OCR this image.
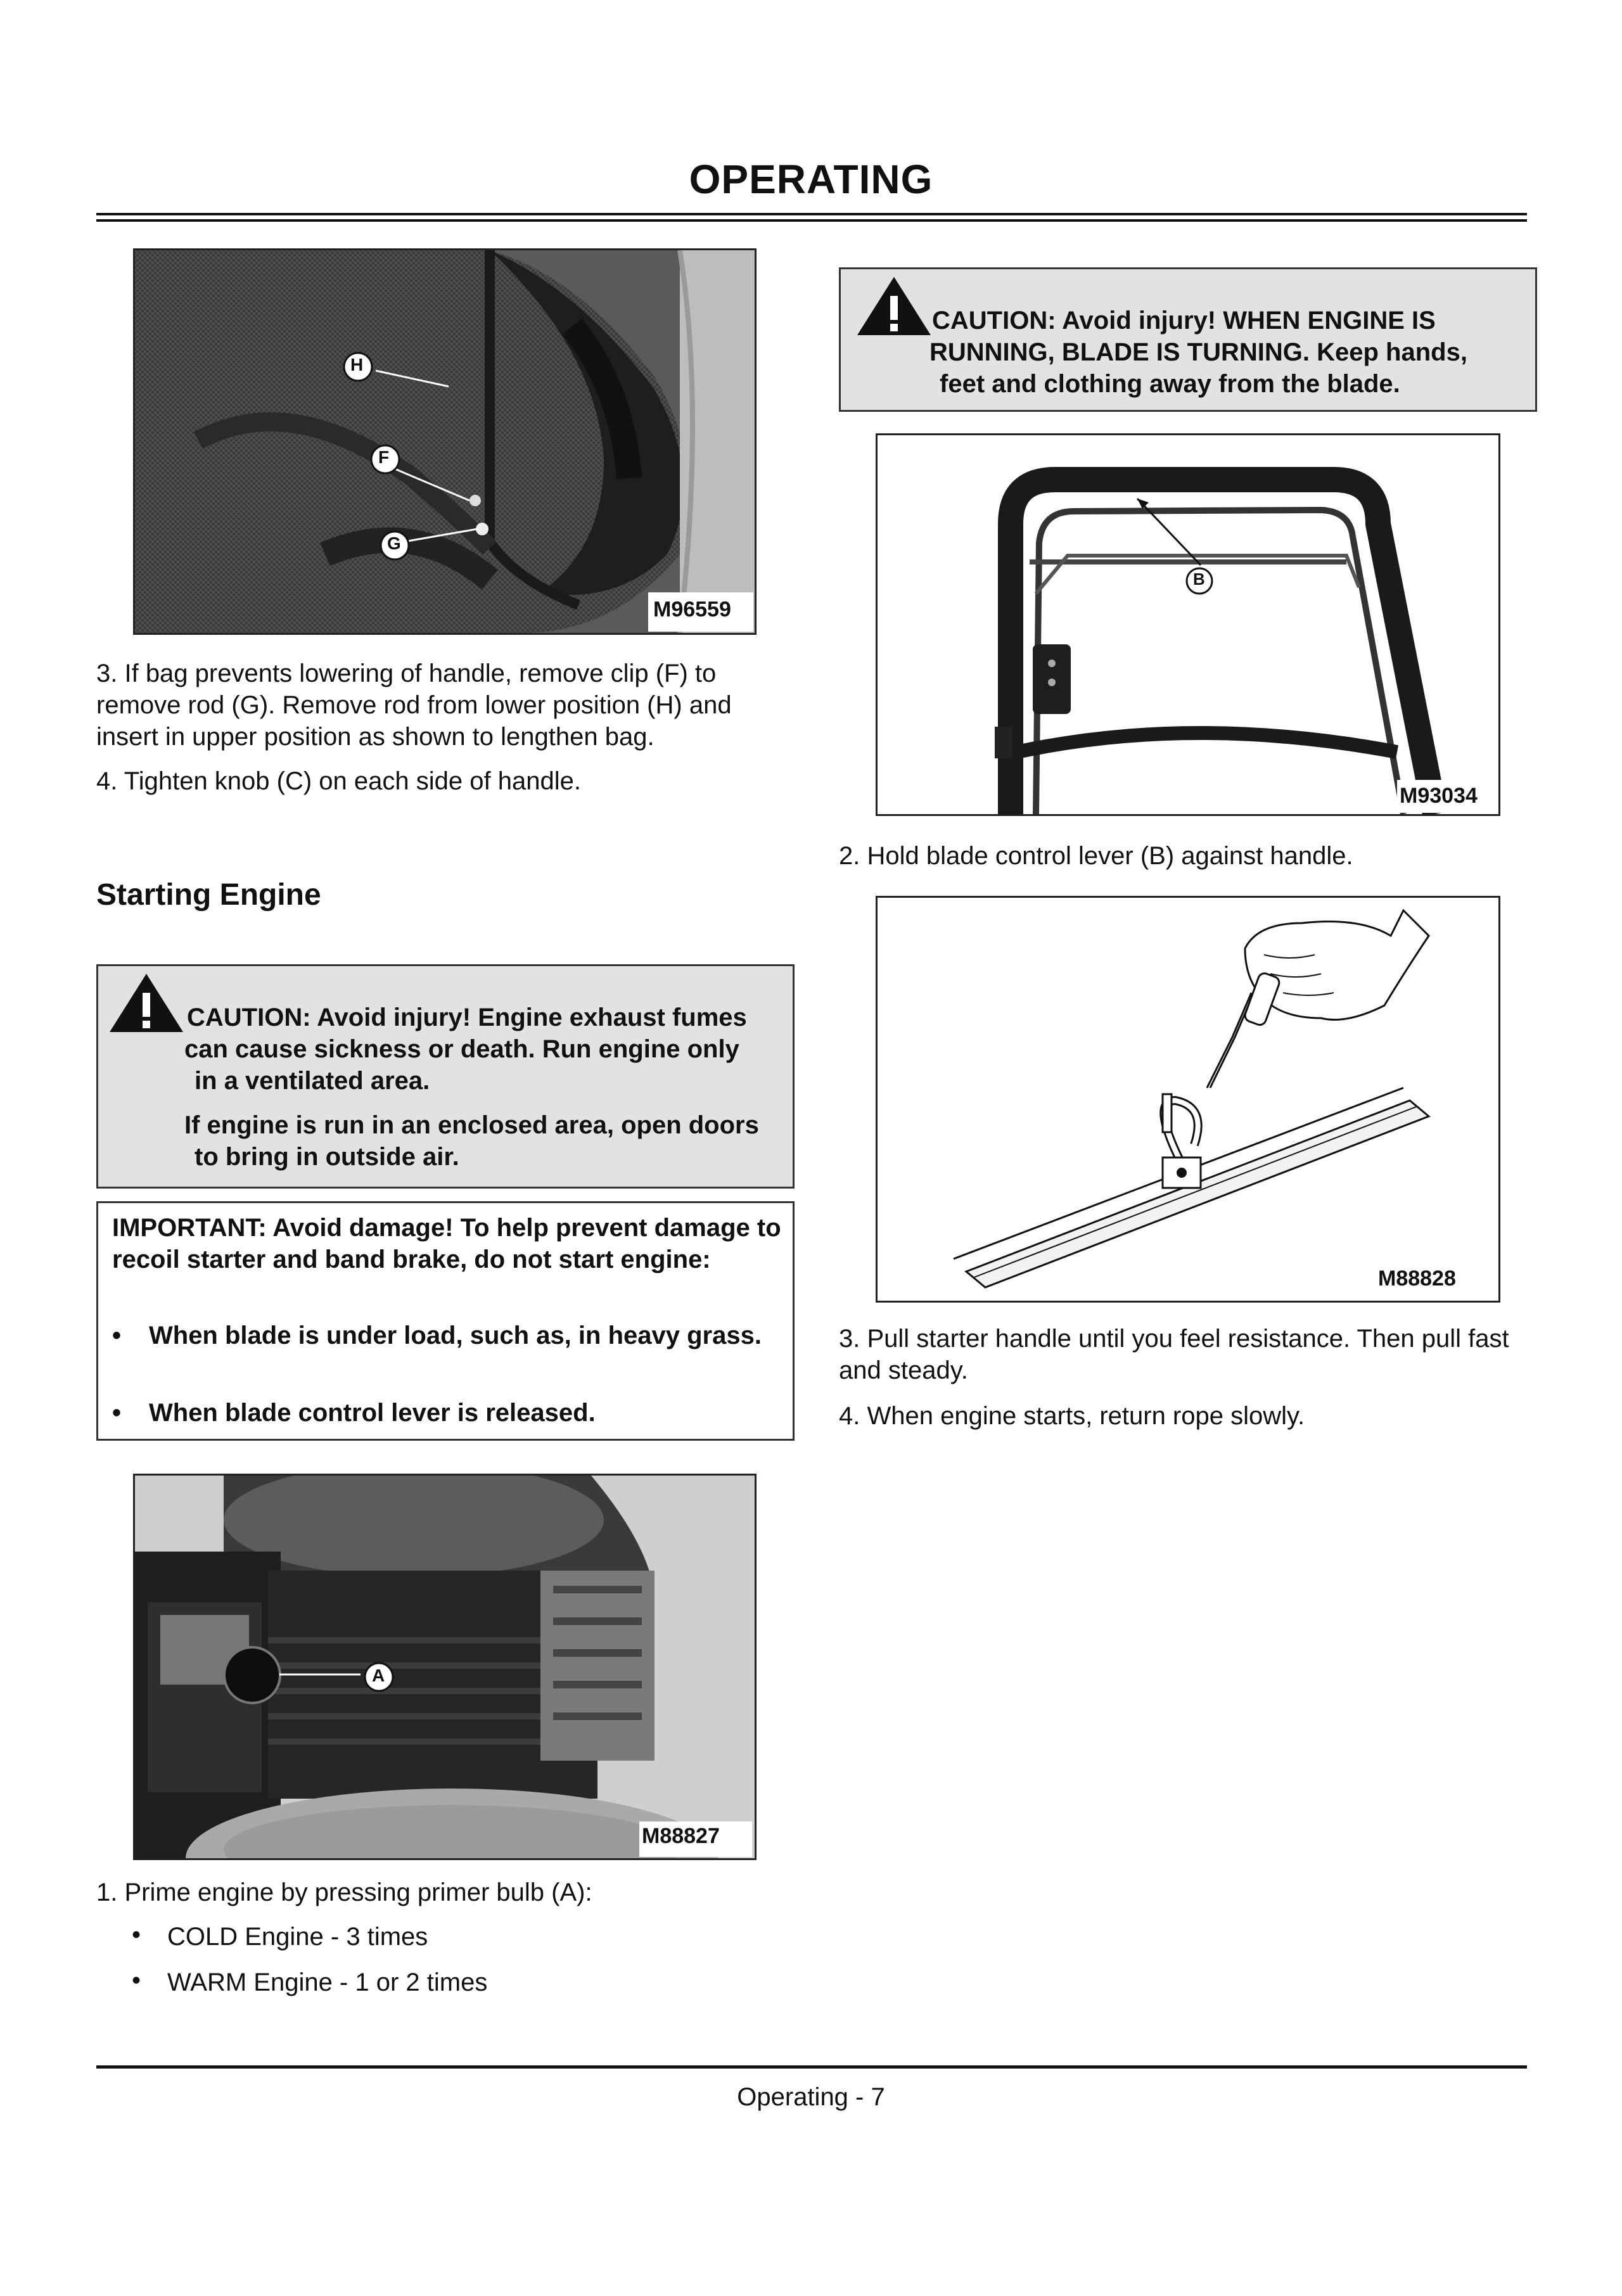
OPERATING
H
F
G
M96559
3. If bag prevents lowering of handle, remove clip (F) to remove rod (G). Remove rod from lower position (H) and insert in upper position as shown to lengthen bag.
4. Tighten knob (C) on each side of handle.
Starting Engine
CAUTION: Avoid injury! Engine exhaust fumes
can cause sickness or death. Run engine only
in a ventilated area.
If engine is run in an enclosed area, open doors
to bring in outside air.
IMPORTANT: Avoid damage! To help prevent damage to recoil starter and band brake, do not start engine:
•	When blade is under load, such as, in heavy grass.
• When blade control lever is released.
A
M88827
1. Prime engine by pressing primer bulb (A):
• COLD Engine - 3 times
• WARM Engine - 1 or 2 times
CAUTION: Avoid injury! WHEN ENGINE IS
RUNNING, BLADE IS TURNING. Keep hands,
feet and clothing away from the blade.
B
M93034
2. Hold blade control lever (B) against handle.
M88828
3. Pull starter handle until you feel resistance. Then pull fast and steady.
4. When engine starts, return rope slowly.
Operating - 7
